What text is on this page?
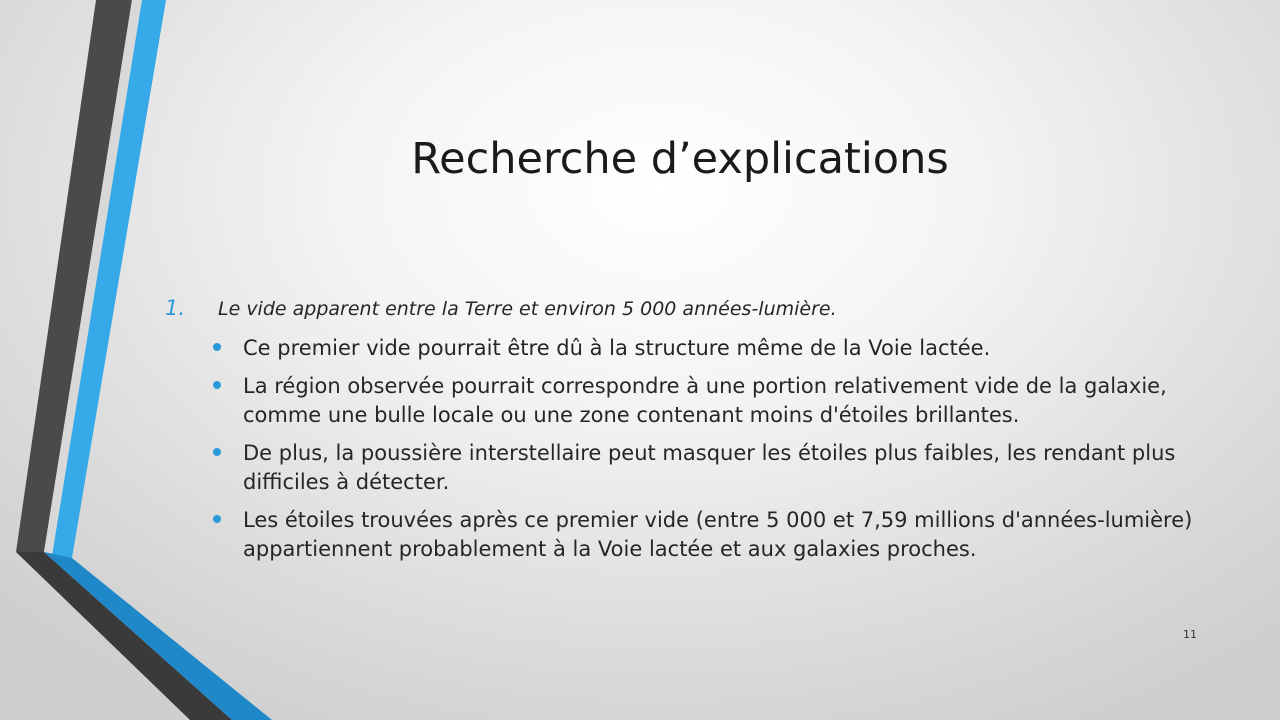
Recherche d’explications
1.	Le vide apparent entre la Terre et environ 5 000 années-lumière.
Ce premier vide pourrait être dû à la structure même de la Voie lactée.
La région observée pourrait correspondre à une portion relativement vide de la galaxie, comme une bulle locale ou une zone contenant moins d'étoiles brillantes.
De plus, la poussière interstellaire peut masquer les étoiles plus faibles, les rendant plus difficiles à détecter.
Les étoiles trouvées après ce premier vide (entre 5 000 et 7,59 millions d'années-lumière) appartiennent probablement à la Voie lactée et aux galaxies proches.
11
